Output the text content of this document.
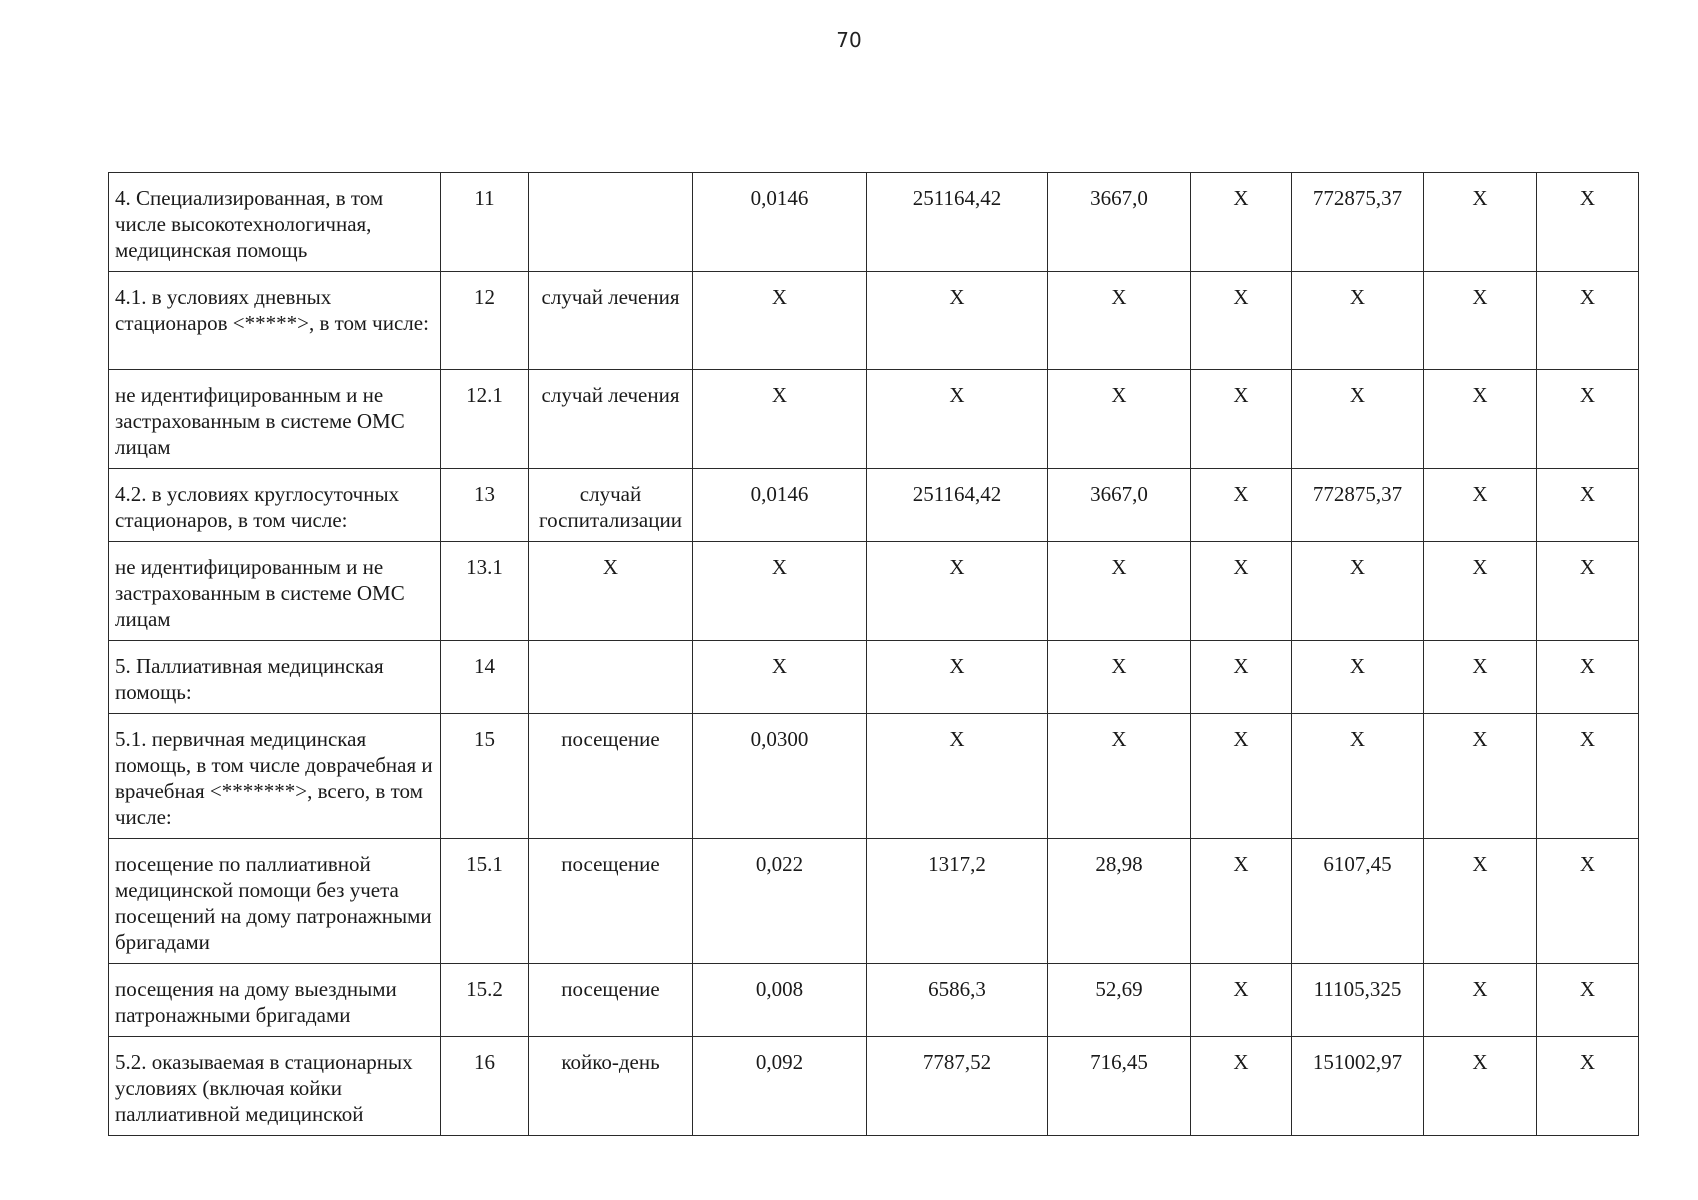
70
4. Специализированная, в том числе высокотехнологичная, медицинская помощь	11		0,0146	251164,42	3667,0	Х	772875,37	Х	Х
4.1. в условиях дневных стационаров <*****>, в том числе:	12	случай лечения	Х	Х	Х	Х	Х	Х	Х
не идентифицированным и не застрахованным в системе ОМС лицам	12.1	случай лечения	Х	Х	Х	Х	Х	Х	Х
4.2. в условиях круглосуточных стационаров, в том числе:	13	случай госпитализации	0,0146	251164,42	3667,0	Х	772875,37	Х	Х
не идентифицированным и не застрахованным в системе ОМС лицам	13.1	Х	Х	Х	Х	Х	Х	Х	Х
5. Паллиативная медицинская помощь:	14		Х	Х	Х	Х	Х	Х	Х
5.1. первичная медицинская помощь, в том числе доврачебная и врачебная <*******>, всего, в том числе:	15	посещение	0,0300	Х	Х	Х	Х	Х	Х
посещение по паллиативной медицинской помощи без учета посещений на дому патронажными бригадами	15.1	посещение	0,022	1317,2	28,98	Х	6107,45	Х	Х
посещения на дому выездными патронажными бригадами	15.2	посещение	0,008	6586,3	52,69	Х	11105,325	Х	Х
5.2. оказываемая в стационарных условиях (включая койки паллиативной медицинской	16	койко-день	0,092	7787,52	716,45	Х	151002,97	Х	Х
